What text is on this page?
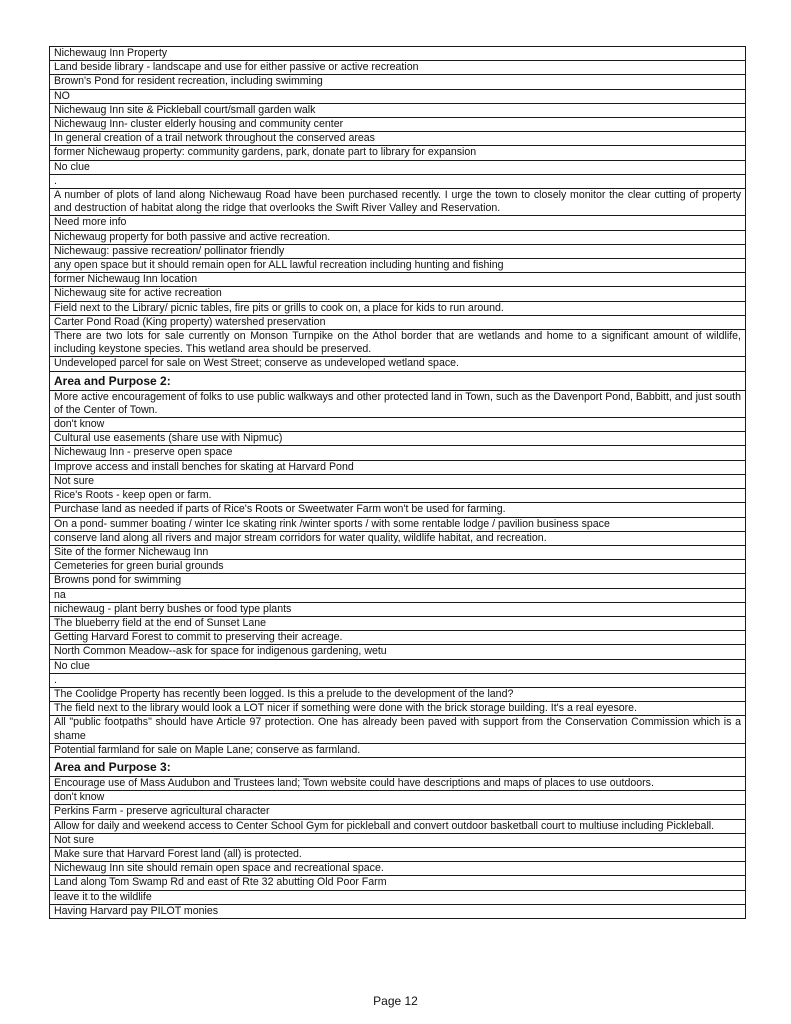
Nichewaug Inn Property
Land beside library - landscape and use for either passive or active recreation
Brown's Pond for resident recreation, including swimming
NO
Nichewaug Inn site & Pickleball court/small garden walk
Nichewaug Inn- cluster elderly housing and community center
In general creation of a trail network throughout the conserved areas
former Nichewaug property: community gardens, park, donate part to library for expansion
No clue
.
A number of plots of land along Nichewaug Road have been purchased recently. I urge the town to closely monitor the clear cutting of property and destruction of habitat along the ridge that overlooks the Swift River Valley and Reservation.
Need more info
Nichewaug property for both passive and active recreation.
Nichewaug: passive recreation/ pollinator friendly
any open space but it should remain open for ALL lawful recreation including hunting and fishing
former Nichewaug Inn location
Nichewaug site for active recreation
Field next to the Library/ picnic tables, fire pits or grills to cook on, a place for kids to run around.
Carter Pond Road (King property) watershed preservation
There are two lots for sale currently on Monson Turnpike on the Athol border that are wetlands and home to a significant amount of wildlife, including keystone species. This wetland area should be preserved.
Undeveloped parcel for sale on West Street; conserve as undeveloped wetland space.
Area and Purpose 2:
More active encouragement of folks to use public walkways and other protected land in Town, such as the Davenport Pond, Babbitt, and just south of the Center of Town.
don't know
Cultural use easements (share use with Nipmuc)
Nichewaug Inn - preserve open space
Improve access and install benches for skating at Harvard Pond
Not sure
Rice's Roots - keep open or farm.
Purchase land as needed if parts of Rice's Roots or Sweetwater Farm won't be used for farming.
On a pond- summer boating / winter Ice skating rink /winter sports / with some rentable lodge / pavilion business space
conserve land along all rivers and major stream corridors for water quality, wildlife habitat, and recreation.
Site of the former Nichewaug Inn
Cemeteries for green burial grounds
Browns pond for swimming
na
nichewaug - plant berry bushes or food type plants
The blueberry field at the end of Sunset Lane
Getting Harvard Forest to commit to preserving their acreage.
North Common Meadow--ask for space for indigenous gardening, wetu
No clue
.
The Coolidge Property has recently been logged. Is this a prelude to the development of the land?
The field next to the library would look a LOT nicer if something were done with the brick storage building. It's a real eyesore.
All "public footpaths" should have Article 97 protection. One has already been paved with support from the Conservation Commission which is a shame
Potential farmland for sale on Maple Lane; conserve as farmland.
Area and Purpose 3:
Encourage use of Mass Audubon and Trustees land; Town website could have descriptions and maps of places to use outdoors.
don't know
Perkins Farm - preserve agricultural character
Allow for daily and weekend access to Center School Gym for pickleball and convert outdoor basketball court to multiuse including Pickleball.
Not sure
Make sure that Harvard Forest land (all) is protected.
Nichewaug Inn site should remain open space and recreational space.
Land along Tom Swamp Rd and east of Rte 32 abutting Old Poor Farm
leave it to the wildlife
Having Harvard pay PILOT monies
Page 12
